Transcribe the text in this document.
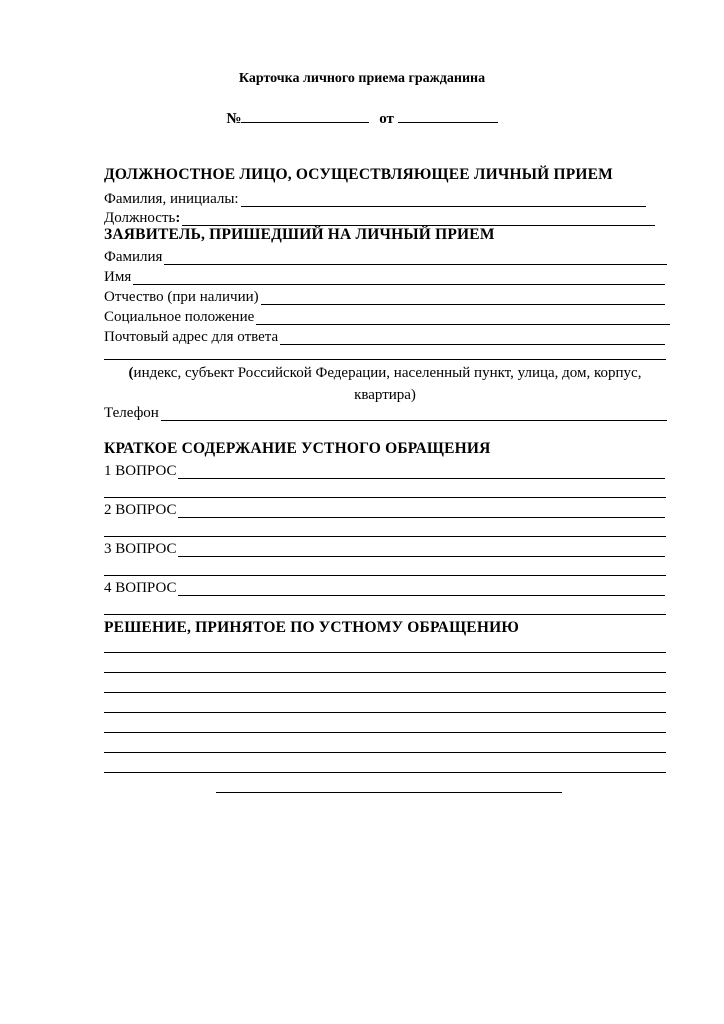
Карточка личного приема гражданина
№	от
ДОЛЖНОСТНОЕ ЛИЦО, ОСУЩЕСТВЛЯЮЩЕЕ ЛИЧНЫЙ ПРИЕМ
Фамилия, инициалы:
Должность:
ЗАЯВИТЕЛЬ, ПРИШЕДШИЙ НА ЛИЧНЫЙ ПРИЕМ
Фамилия
Имя
Отчество (при наличии)
Социальное положение
Почтовый адрес для ответа
(индекс, субъект Российской Федерации, населенный пункт, улица, дом, корпус, квартира)
Телефон
КРАТКОЕ СОДЕРЖАНИЕ УСТНОГО ОБРАЩЕНИЯ
1 ВОПРОС
2 ВОПРОС
3 ВОПРОС
4 ВОПРОС
РЕШЕНИЕ, ПРИНЯТОЕ ПО УСТНОМУ ОБРАЩЕНИЮ
